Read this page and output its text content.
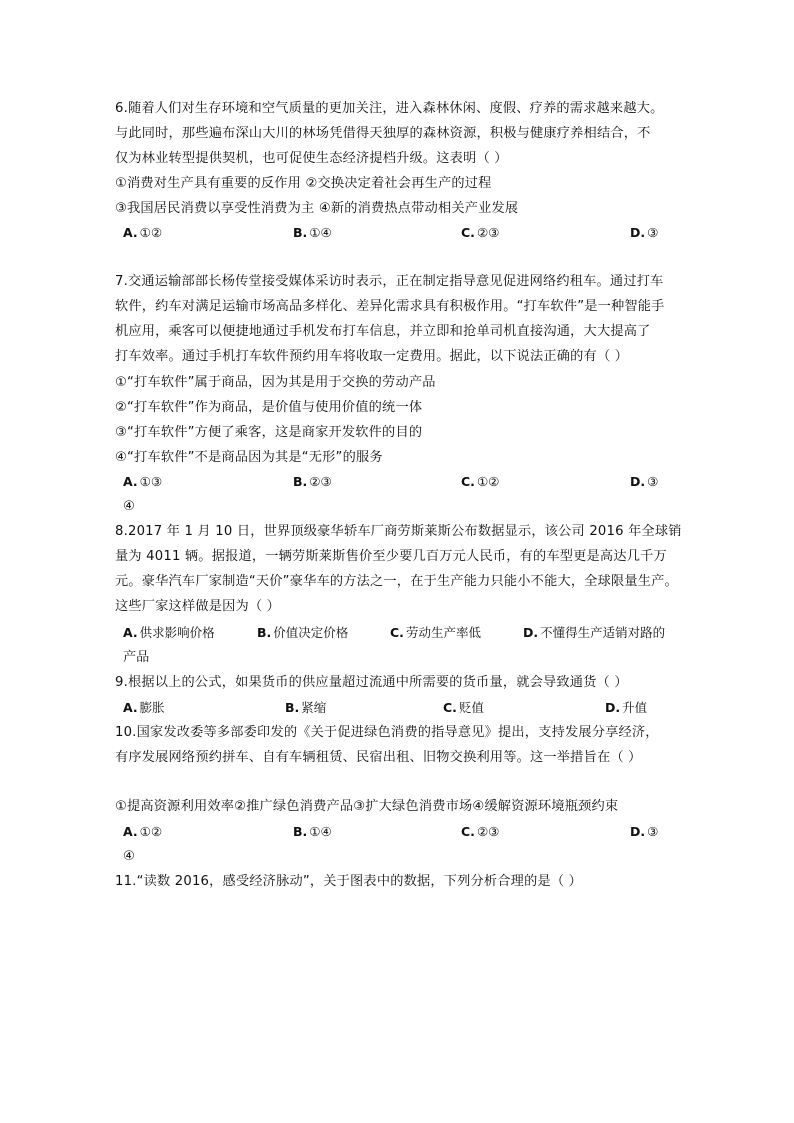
6.随着人们对生存环境和空气质量的更加关注，进入森林休闲、度假、疗养的需求越来越大。
与此同时，那些遍布深山大川的林场凭借得天独厚的森林资源，积极与健康疗养相结合，不
仅为林业转型提供契机，也可促使生态经济提档升级。这表明（ ）
①消费对生产具有重要的反作用 ②交换决定着社会再生产的过程
③我国居民消费以享受性消费为主 ④新的消费热点带动相关产业发展
A. ①②	B. ①④	C. ②③	D. ③
7.交通运输部部长杨传堂接受媒体采访时表示，正在制定指导意见促进网络约租车。通过打车
软件，约车对满足运输市场高品多样化、差异化需求具有积极作用。“打车软件”是一种智能手
机应用，乘客可以便捷地通过手机发布打车信息，并立即和抢单司机直接沟通，大大提高了
打车效率。通过手机打车软件预约用车将收取一定费用。据此，以下说法正确的有（ ）
①“打车软件”属于商品，因为其是用于交换的劳动产品
②“打车软件”作为商品，是价值与使用价值的统一体
③“打车软件”方便了乘客，这是商家开发软件的目的
④“打车软件”不是商品因为其是“无形”的服务
A. ①③	B. ②③	C. ①②	D. ③
④
8.2017 年 1 月 10 日，世界顶级豪华轿车厂商劳斯莱斯公布数据显示，该公司 2016 年全球销
量为 4011 辆。据报道，一辆劳斯莱斯售价至少要几百万元人民币，有的车型更是高达几千万
元。豪华汽车厂家制造“天价”豪华车的方法之一，在于生产能力只能小不能大，全球限量生产。
这些厂家这样做是因为（ ）
A. 供求影响价格	B. 价值决定价格	C. 劳动生产率低	D. 不懂得生产适销对路的
产品
9.根据以上的公式，如果货币的供应量超过流通中所需要的货币量，就会导致通货（ ）
A. 膨胀	B. 紧缩	C. 贬值	D. 升值
10.国家发改委等多部委印发的《关于促进绿色消费的指导意见》提出，支持发展分享经济，
有序发展网络预约拼车、自有车辆租赁、民宿出租、旧物交换利用等。这一举措旨在（ ）
①提高资源利用效率②推广绿色消费产品③扩大绿色消费市场④缓解资源环境瓶颈约束
A. ①②	B. ①④	C. ②③	D. ③
④
11.“读数 2016，感受经济脉动”，关于图表中的数据，下列分析合理的是（ ）
